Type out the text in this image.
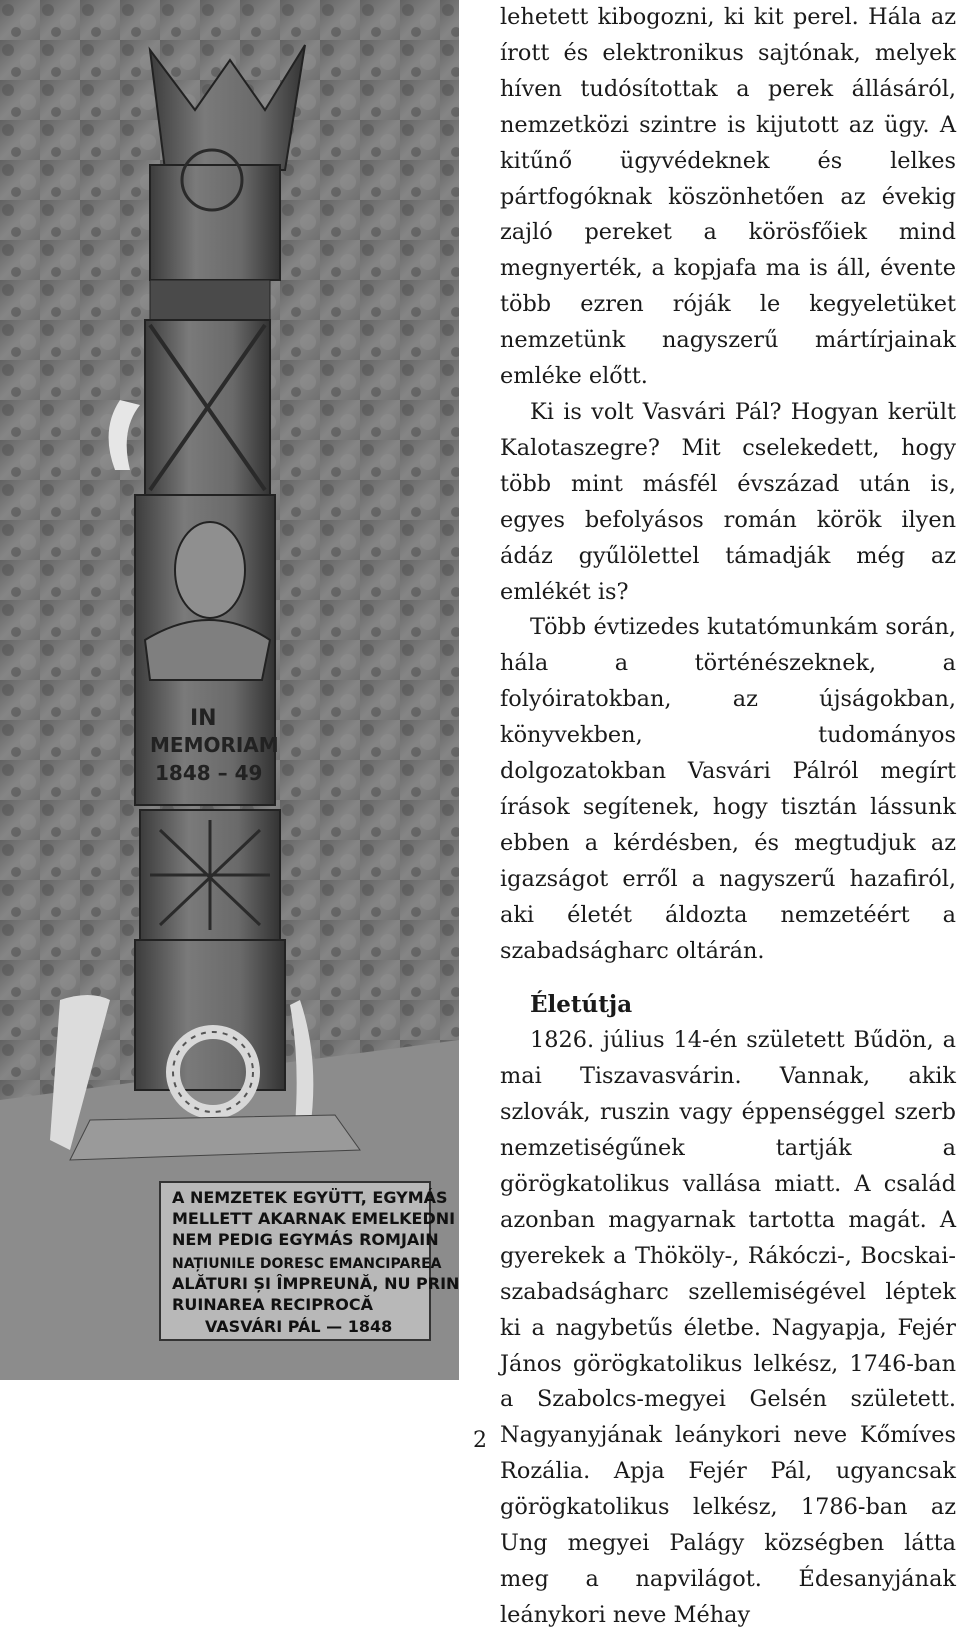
A NEMZETEK EGYÜTT, EGYMÁS
MELLETT AKARNAK EMELKEDNI
NEM PEDIG EGYMÁS ROMJAIN
NAȚIUNILE DORESC EMANCIPAREA
ALĂTURI ȘI ÎMPREUNĂ, NU PRIN
RUINAREA RECIPROCĂ
VASVÁRI PÁL — 1848
IN
MEMORIAM
1848 – 49

lehetett kibogozni, ki kit perel. Hála az írott és elektronikus sajtónak, melyek híven tudósítottak a perek állásáról, nemzetközi szintre is kijutott az ügy. A kitűnő ügyvédeknek és lelkes pártfogóknak köszönhetően az évekig zajló pereket a körösfőiek mind megnyerték, a kopjafa ma is áll, évente több ezren róják le kegyeletüket nemzetünk nagyszerű mártírjainak emléke előtt.

Ki is volt Vasvári Pál? Hogyan került Kalotaszegre? Mit cselekedett, hogy több mint másfél évszázad után is, egyes befolyásos román körök ilyen ádáz gyűlölettel támadják még az emlékét is?

Több évtizedes kutatómunkám során, hála a történészeknek, a folyóiratokban, az újságokban, könyvekben, tudományos dolgozatokban Vasvári Pálról megírt írások segítenek, hogy tisztán lássunk ebben a kérdésben, és megtudjuk az igazságot erről a nagyszerű hazafiról, aki életét áldozta nemzetéért a szabadságharc oltárán.

Életútja

1826. július 14-én született Bűdön, a mai Tiszavasvárin. Vannak, akik szlovák, ruszin vagy éppenséggel szerb nemzetiségűnek tartják a görögkatolikus vallása miatt. A család azonban magyarnak tartotta magát. A gyerekek a Thököly-, Rákóczi-, Bocskai-szabadságharc szellemiségével léptek ki a nagybetűs életbe. Nagyapja, Fejér János görögkatolikus lelkész, 1746-ban a Szabolcs-megyei Gelsén született. Nagyanyjának leánykori neve Kőmíves Rozália. Apja Fejér Pál, ugyancsak görögkatolikus lelkész, 1786-ban az Ung megyei Palágy községben látta meg a napvilágot. Édesanyjának leánykori neve Méhay

2
